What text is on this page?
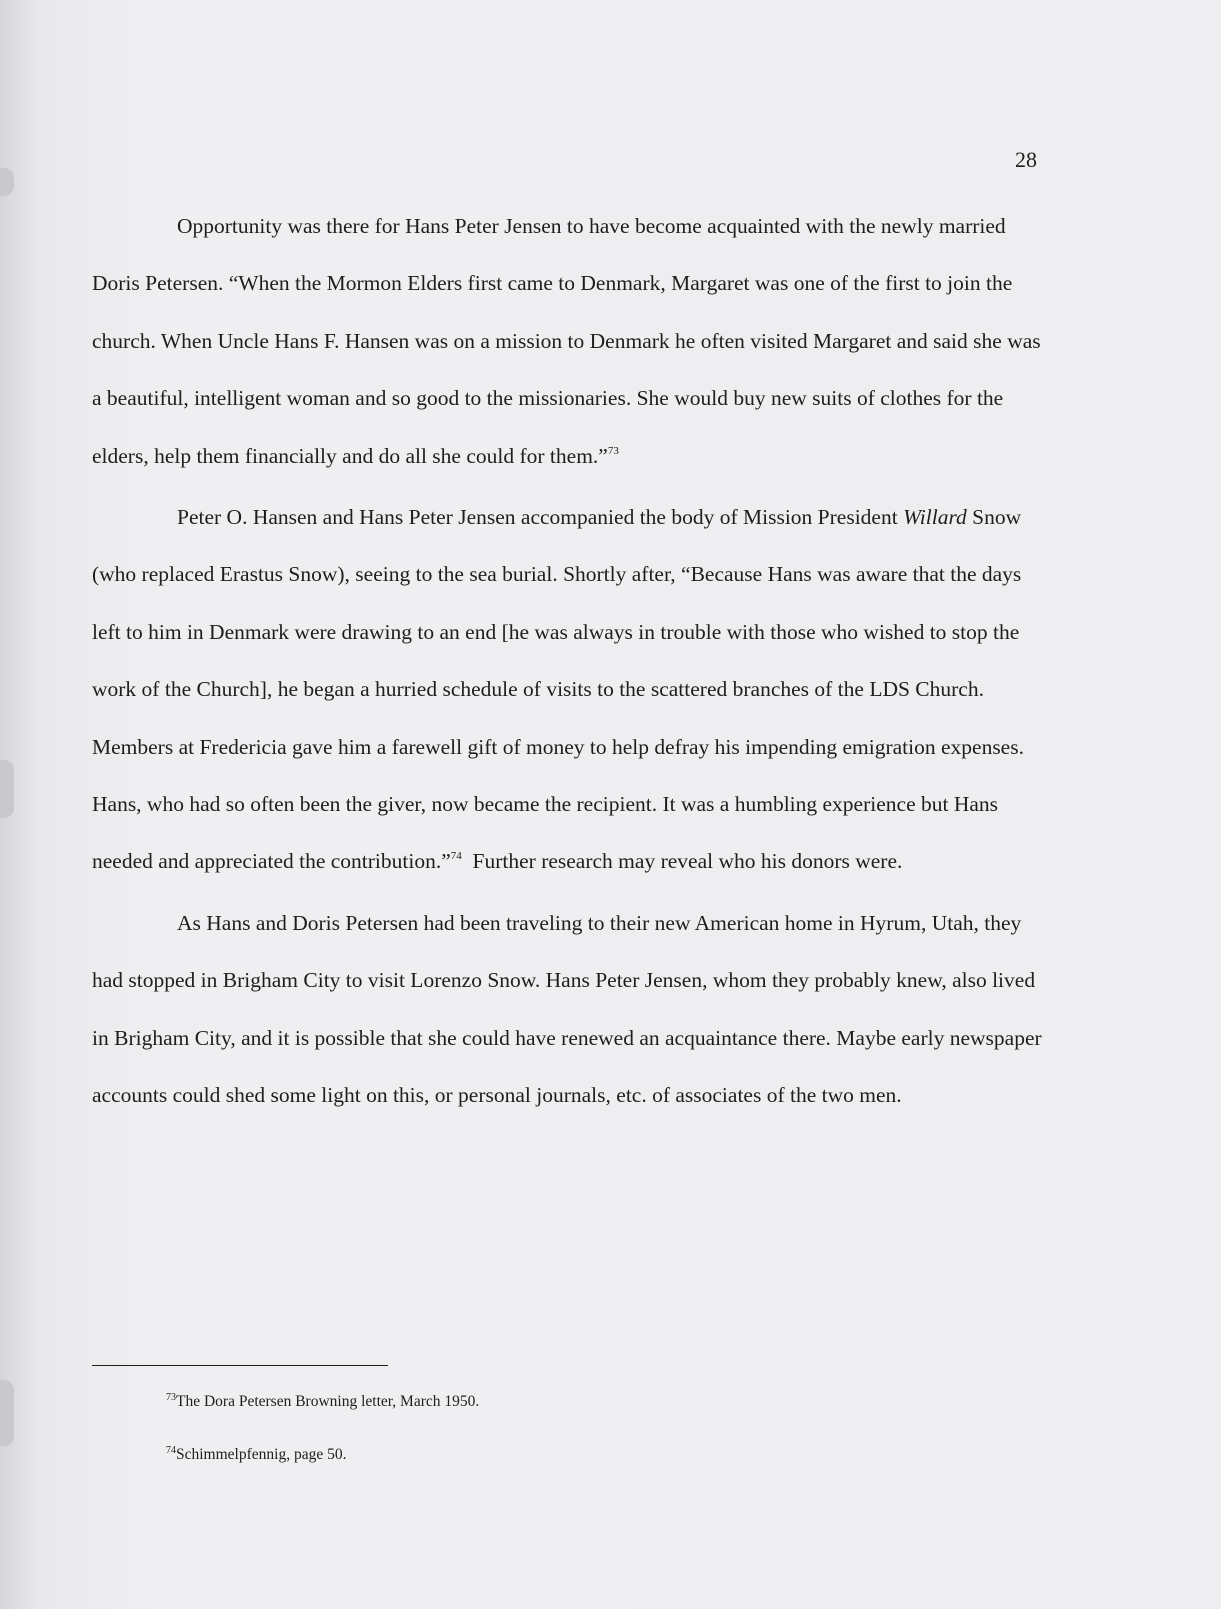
28

Opportunity was there for Hans Peter Jensen to have become acquainted with the newly married Doris Petersen. “When the Mormon Elders first came to Denmark, Margaret was one of the first to join the church. When Uncle Hans F. Hansen was on a mission to Denmark he often visited Margaret and said she was a beautiful, intelligent woman and so good to the missionaries. She would buy new suits of clothes for the elders, help them financially and do all she could for them.”$^{73}$

Peter O. Hansen and Hans Peter Jensen accompanied the body of Mission President Willard Snow (who replaced Erastus Snow), seeing to the sea burial. Shortly after, “Because Hans was aware that the days left to him in Denmark were drawing to an end [he was always in trouble with those who wished to stop the work of the Church], he began a hurried schedule of visits to the scattered branches of the LDS Church. Members at Fredericia gave him a farewell gift of money to help defray his impending emigration expenses. Hans, who had so often been the giver, now became the recipient. It was a humbling experience but Hans needed and appreciated the contribution.”$^{74}$  Further research may reveal who his donors were.

As Hans and Doris Petersen had been traveling to their new American home in Hyrum, Utah, they had stopped in Brigham City to visit Lorenzo Snow. Hans Peter Jensen, whom they probably knew, also lived in Brigham City, and it is possible that she could have renewed an acquaintance there. Maybe early newspaper accounts could shed some light on this, or personal journals, etc. of associates of the two men.

$^{73}$The Dora Petersen Browning letter, March 1950.
$^{74}$Schimmelpfennig, page 50.
